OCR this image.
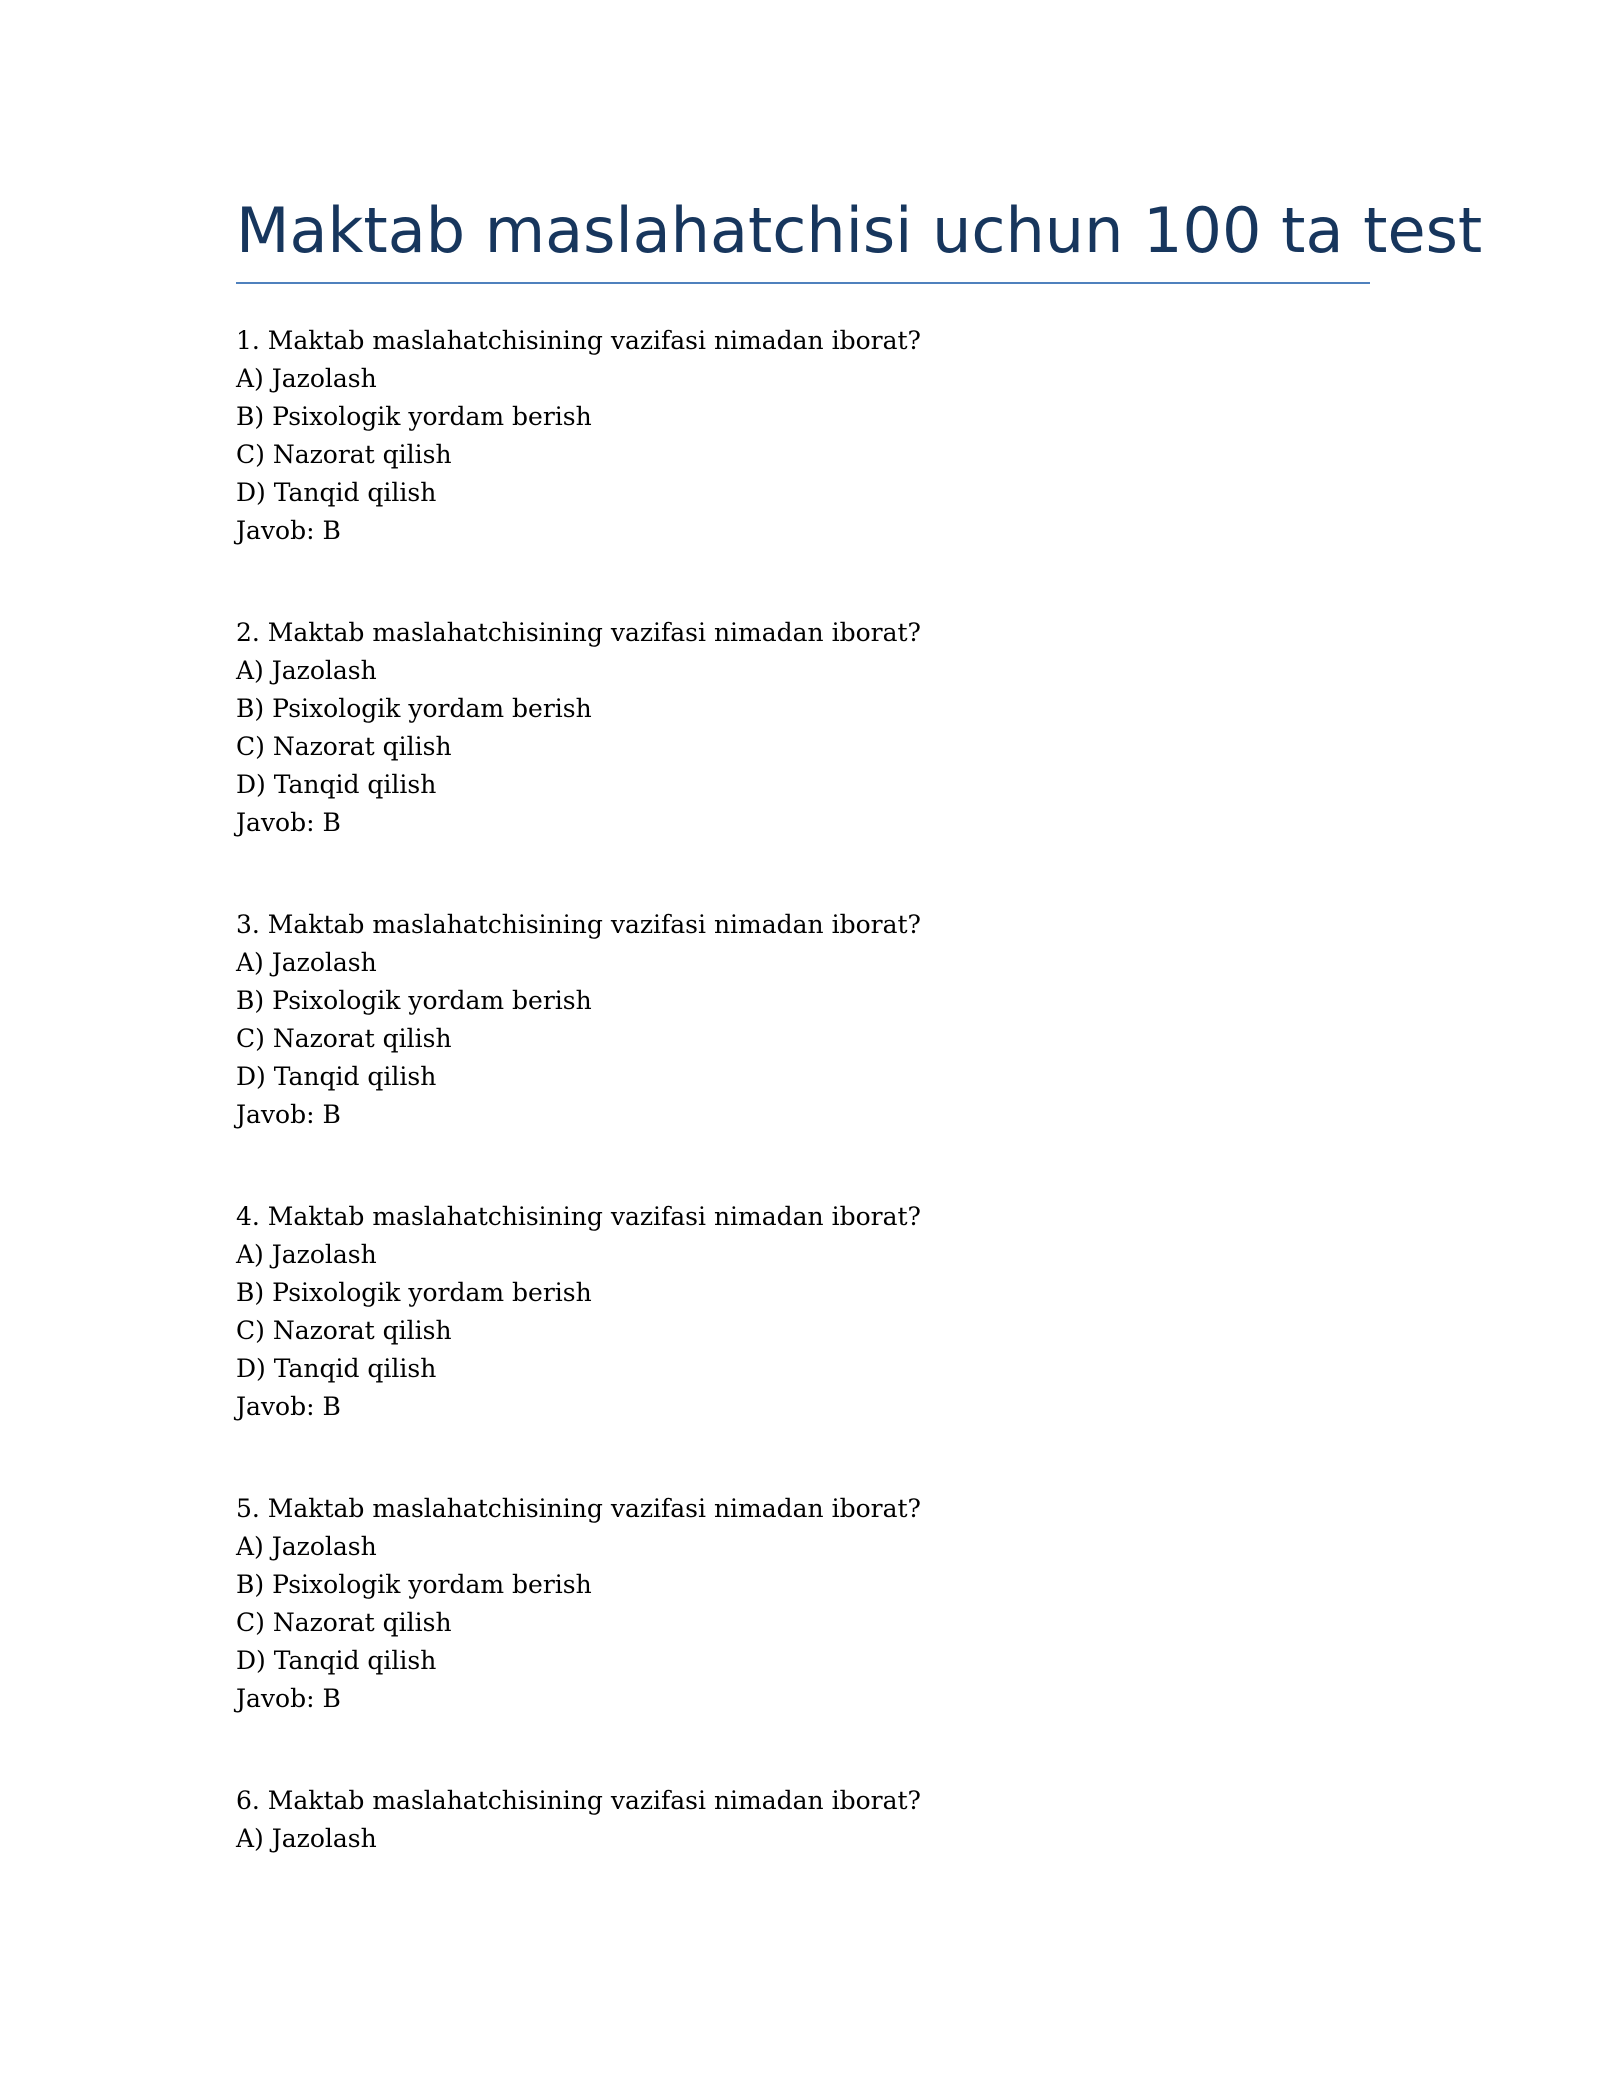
Maktab maslahatchisi uchun 100 ta test
1. Maktab maslahatchisining vazifasi nimadan iborat?
A) Jazolash
B) Psixologik yordam berish
C) Nazorat qilish
D) Tanqid qilish
Javob: B
2. Maktab maslahatchisining vazifasi nimadan iborat?
A) Jazolash
B) Psixologik yordam berish
C) Nazorat qilish
D) Tanqid qilish
Javob: B
3. Maktab maslahatchisining vazifasi nimadan iborat?
A) Jazolash
B) Psixologik yordam berish
C) Nazorat qilish
D) Tanqid qilish
Javob: B
4. Maktab maslahatchisining vazifasi nimadan iborat?
A) Jazolash
B) Psixologik yordam berish
C) Nazorat qilish
D) Tanqid qilish
Javob: B
5. Maktab maslahatchisining vazifasi nimadan iborat?
A) Jazolash
B) Psixologik yordam berish
C) Nazorat qilish
D) Tanqid qilish
Javob: B
6. Maktab maslahatchisining vazifasi nimadan iborat?
A) Jazolash
